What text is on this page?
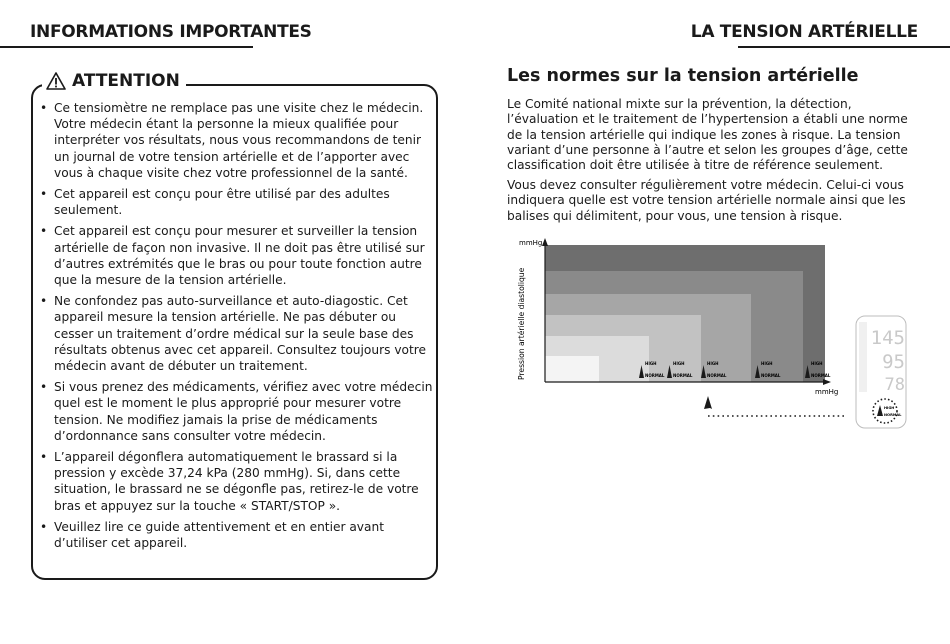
INFORMATIONS IMPORTANTES	LA TENSION ARTÉRIELLE
ATTENTION
• Ce tensiomètre ne remplace pas une visite chez le médecin. Votre médecin étant la personne la mieux qualifiée pour interpréter vos résultats, nous vous recommandons de tenir un journal de votre tension artérielle et de l’apporter avec vous à chaque visite chez votre professionnel de la santé.
• Cet appareil est conçu pour être utilisé par des adultes seulement.
• Cet appareil est conçu pour mesurer et surveiller la tension artérielle de façon non invasive. Il ne doit pas être utilisé sur d’autres extrémités que le bras ou pour toute fonction autre que la mesure de la tension artérielle.
• Ne confondez pas auto-surveillance et auto-diagostic. Cet appareil mesure la tension artérielle. Ne pas débuter ou cesser un traitement d’ordre médical sur la seule base des résultats obtenus avec cet appareil. Consultez toujours votre médecin avant de débuter un traitement.
• Si vous prenez des médicaments, vérifiez avec votre médecin quel est le moment le plus approprié pour mesurer votre tension. Ne modifiez jamais la prise de médicaments d’ordonnance sans consulter votre médecin.
• L’appareil dégonflera automatiquement le brassard si la pression y excède 37,24 kPa (280 mmHg). Si, dans cette situation, le brassard ne se dégonfle pas, retirez-le de votre bras et appuyez sur la touche « START/STOP ».
• Veuillez lire ce guide attentivement et en entier avant d’utiliser cet appareil.
Les normes sur la tension artérielle

Le Comité national mixte sur la prévention, la détection, l’évaluation et le traitement de l’hypertension a établi une norme de la tension artérielle qui indique les zones à risque. La tension variant d’une personne à l’autre et selon les groupes d’âge, cette classification doit être utilisée à titre de référence seulement.

Vous devez consulter régulièrement votre médecin. Celui-ci vous indiquera quelle est votre tension artérielle normale ainsi que les balises qui délimitent, pour vous, une tension à risque.

mmHg
mmHg
Pression artérielle diastolique	HIGH
NORMAL
HIGH
NORMAL
HIGH
NORMAL
HIGH
NORMAL
HIGH
NORMAL
145
95
78
HIGH
NORMAL
